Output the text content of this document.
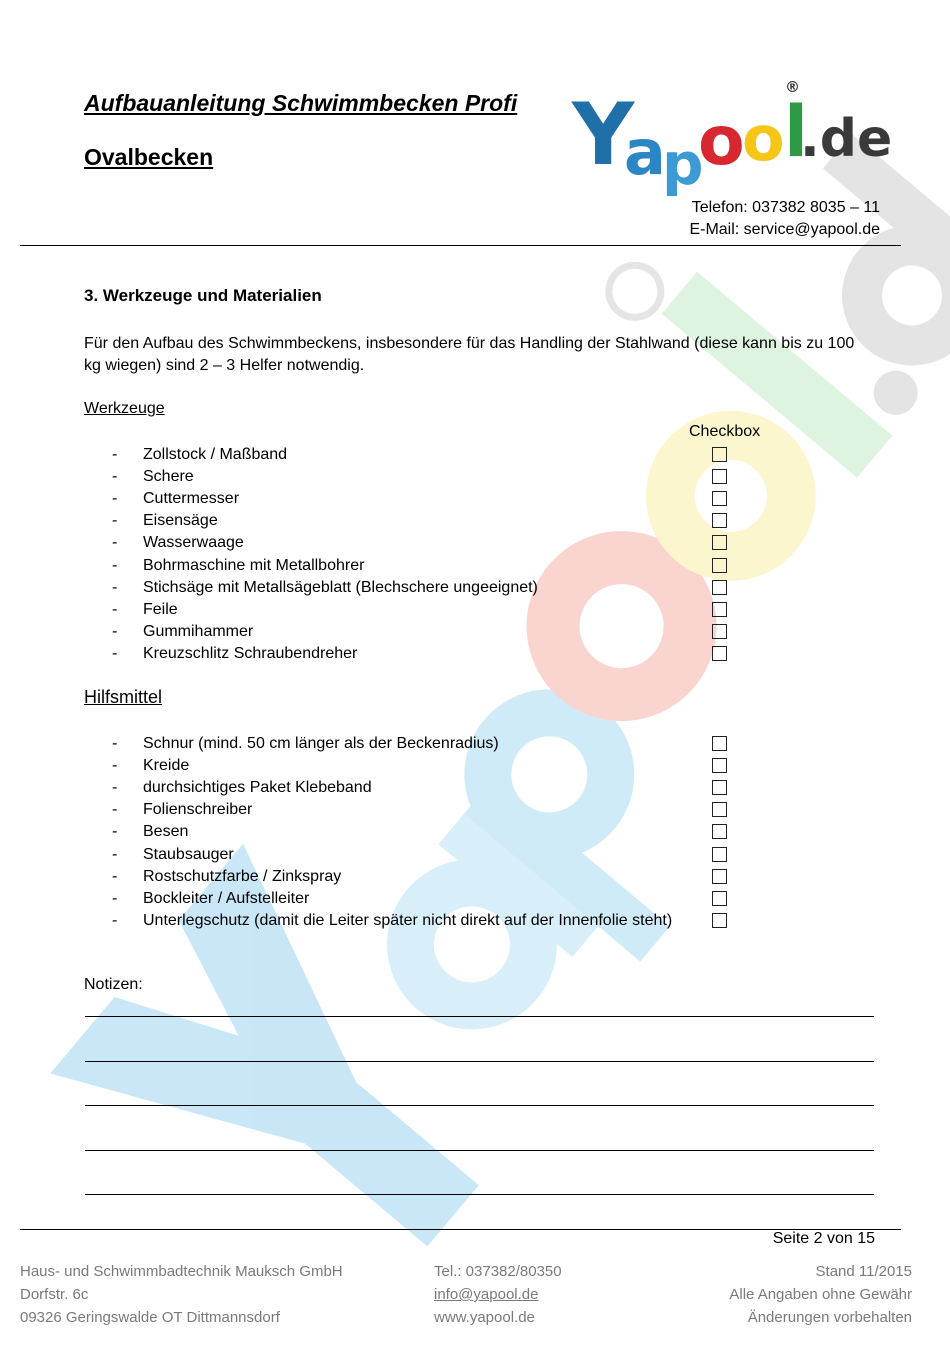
Aufbauanleitung Schwimmbecken Profi
Ovalbecken	Y
a
p
o
o l
.de
®
Telefon: 037382 8035 – 11
E-Mail: service@yapool.de
3. Werkzeuge und Materialien
Für den Aufbau des Schwimmbeckens, insbesondere für das Handling der Stahlwand (diese kann bis zu 100
kg wiegen) sind 2 – 3 Helfer notwendig.
Werkzeuge
Checkbox
- Zollstock / Maßband
- Schere
- Cuttermesser
- Eisensäge
- Wasserwaage
- Bohrmaschine mit Metallbohrer
- Stichsäge mit Metallsägeblatt (Blechschere ungeeignet)
- Feile
- Gummihammer
- Kreuzschlitz Schraubendreher
Hilfsmittel
- Schnur (mind. 50 cm länger als der Beckenradius)
- Kreide
- durchsichtiges Paket Klebeband
- Folienschreiber
- Besen
- Staubsauger
- Rostschutzfarbe / Zinkspray
- Bockleiter / Aufstelleiter
- Unterlegschutz (damit die Leiter später nicht direkt auf der Innenfolie steht)
Notizen:
Seite 2 von 15
Haus- und Schwimmbadtechnik Mauksch GmbH
Dorfstr. 6c
09326 Geringswalde OT Dittmannsdorf
Tel.: 037382/80350
info@yapool.de
www.yapool.de
Stand 11/2015
Alle Angaben ohne Gewähr
Änderungen vorbehalten
